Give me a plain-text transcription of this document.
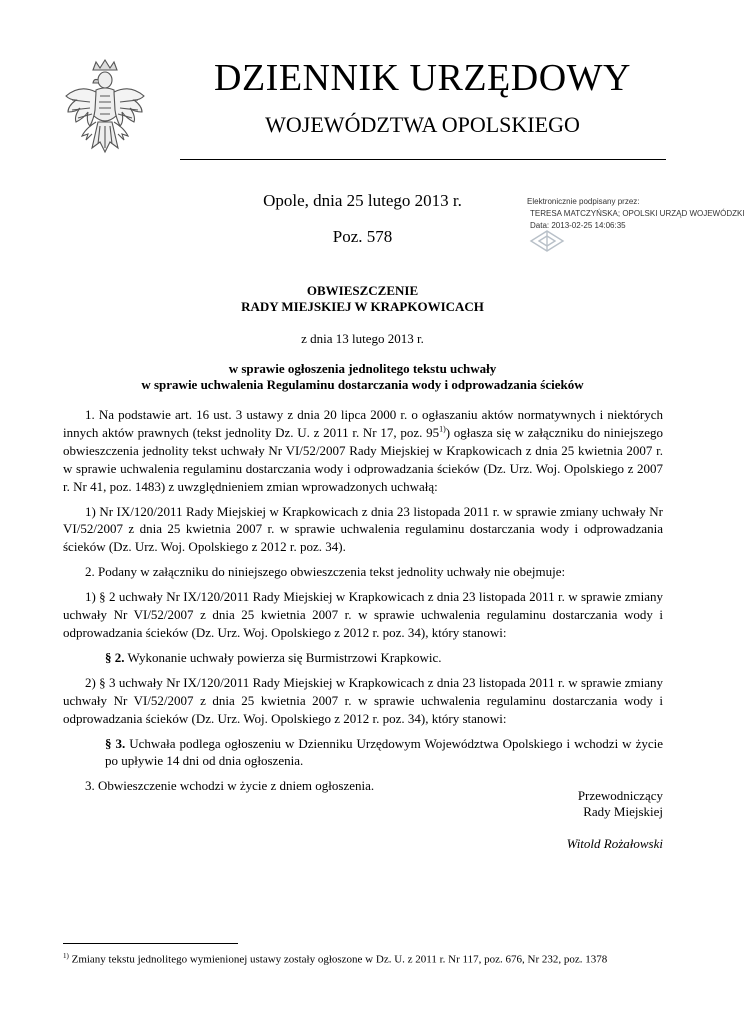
DZIENNIK URZĘDOWY
WOJEWÓDZTWA OPOLSKIEGO
Opole, dnia 25 lutego 2013 r.
Poz. 578
Elektronicznie podpisany przez:
TERESA MATCZYŃSKA; OPOLSKI URZĄD WOJEWÓDZKI
Data: 2013-02-25 14:06:35
OBWIESZCZENIE
RADY MIEJSKIEJ W KRAPKOWICACH
z dnia 13 lutego 2013 r.
w sprawie ogłoszenia jednolitego tekstu uchwały
w sprawie uchwalenia Regulaminu dostarczania wody i odprowadzania ścieków

1. Na podstawie art. 16 ust. 3 ustawy z dnia 20 lipca 2000 r. o ogłaszaniu aktów normatywnych i niektórych innych aktów prawnych (tekst jednolity Dz. U. z 2011 r. Nr 17, poz. 95$^{1)}$) ogłasza się w załączniku do niniejszego obwieszczenia jednolity tekst uchwały Nr VI/52/2007 Rady Miejskiej w Krapkowicach z dnia 25 kwietnia 2007 r. w sprawie uchwalenia regulaminu dostarczania wody i odprowadzania ścieków (Dz. Urz. Woj. Opolskiego z 2007 r. Nr 41, poz. 1483) z uwzględnieniem zmian wprowadzonych uchwałą:

1) Nr IX/120/2011 Rady Miejskiej w Krapkowicach z dnia 23 listopada 2011 r. w sprawie zmiany uchwały Nr VI/52/2007 z dnia 25 kwietnia 2007 r. w sprawie uchwalenia regulaminu dostarczania wody i odprowadzania ścieków (Dz. Urz. Woj. Opolskiego z 2012 r. poz. 34).

2. Podany w załączniku do niniejszego obwieszczenia tekst jednolity uchwały nie obejmuje:

1) § 2 uchwały Nr IX/120/2011 Rady Miejskiej w Krapkowicach z dnia 23 listopada 2011 r. w sprawie zmiany uchwały Nr VI/52/2007 z dnia 25 kwietnia 2007 r. w sprawie uchwalenia regulaminu dostarczania wody i odprowadzania ścieków (Dz. Urz. Woj. Opolskiego z 2012 r. poz. 34), który stanowi:

§ 2. Wykonanie uchwały powierza się Burmistrzowi Krapkowic.

2) § 3 uchwały Nr IX/120/2011 Rady Miejskiej w Krapkowicach z dnia 23 listopada 2011 r. w sprawie zmiany uchwały Nr VI/52/2007 z dnia 25 kwietnia 2007 r. w sprawie uchwalenia regulaminu dostarczania wody i odprowadzania ścieków (Dz. Urz. Woj. Opolskiego z 2012 r. poz. 34), który stanowi:

§ 3. Uchwała podlega ogłoszeniu w Dzienniku Urzędowym Województwa Opolskiego i wchodzi w życie po upływie 14 dni od dnia ogłoszenia.

3. Obwieszczenie wchodzi w życie z dniem ogłoszenia.

Przewodniczący
Rady Miejskiej
Witold Rożałowski
$^{1)}$ Zmiany tekstu jednolitego wymienionej ustawy zostały ogłoszone w Dz. U. z 2011 r. Nr 117, poz. 676, Nr 232, poz. 1378
